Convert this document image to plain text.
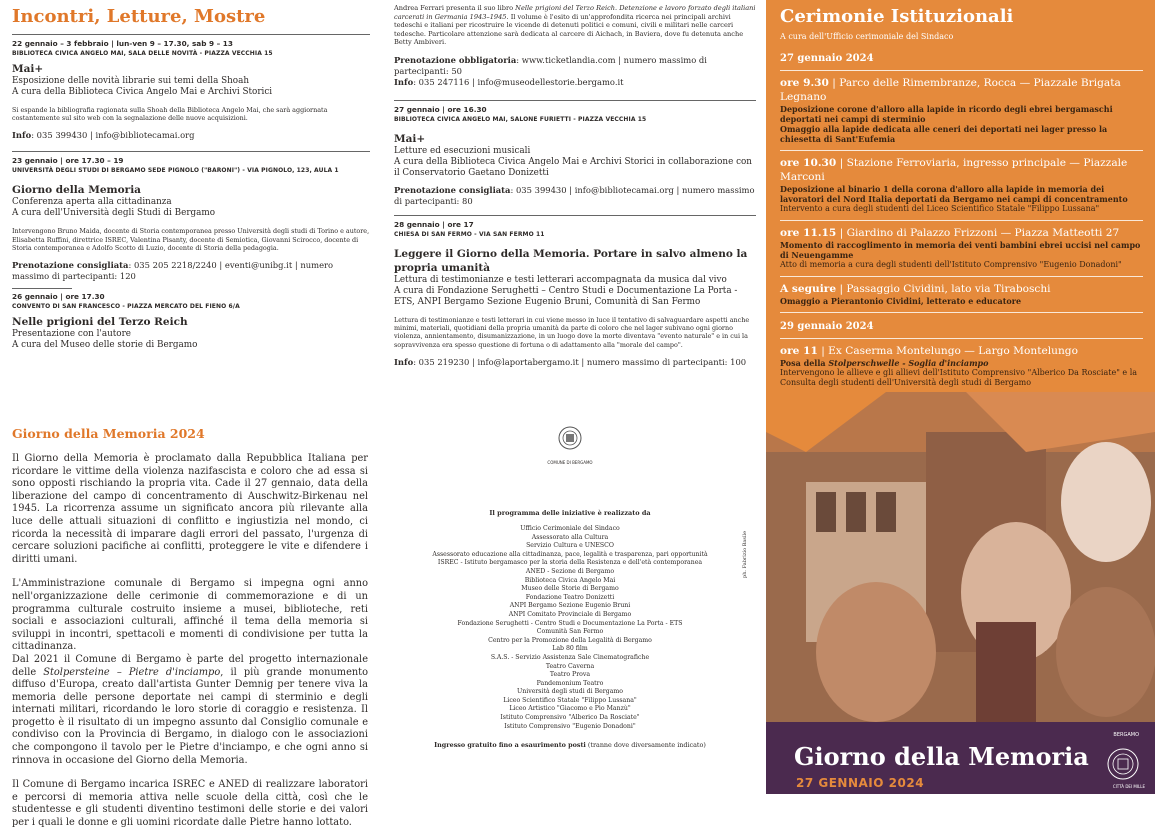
Incontri, Letture, Mostre
22 gennaio – 3 febbraio | lun-ven 9 – 17.30, sab 9 – 13
BIBLIOTECA CIVICA ANGELO MAI, SALA DELLE NOVITÀ - PIAZZA VECCHIA 15
Mai+
Esposizione delle novità librarie sui temi della Shoah
A cura della Biblioteca Civica Angelo Mai e Archivi Storici
Si espande la bibliografia ragionata sulla Shoah della Biblioteca Angelo Mai, che sarà aggiornata costantemente sul sito web con la segnalazione delle nuove acquisizioni.
Info: 035 399430 | info@bibliotecamai.org
23 gennaio | ore 17.30 – 19
UNIVERSITÀ DEGLI STUDI DI BERGAMO SEDE PIGNOLO ("BARONI") - VIA PIGNOLO, 123, AULA 1
Giorno della Memoria
Conferenza aperta alla cittadinanza
A cura dell'Università degli Studi di Bergamo
Intervengono Bruno Maida, docente di Storia contemporanea presso Università degli studi di Torino e autore, Elisabetta Ruffini, direttrice ISREC, Valentina Pisanty, docente di Semiotica, Giovanni Scirocco, docente di Storia contemporanea e Adolfo Scotto di Luzio, docente di Storia della pedagogia.
Prenotazione consigliata: 035 205 2218/2240 | eventi@unibg.it | numero massimo di partecipanti: 120
26 gennaio | ore 17.30
CONVENTO DI SAN FRANCESCO - PIAZZA MERCATO DEL FIENO 6/A
Nelle prigioni del Terzo Reich
Presentazione con l'autore
A cura del Museo delle storie di Bergamo
Giorno della Memoria 2024

Il Giorno della Memoria è proclamato dalla Repubblica Italiana per ricordare le vittime della violenza nazifascista e coloro che ad essa si sono opposti rischiando la propria vita. Cade il 27 gennaio, data della liberazione del campo di concentramento di Auschwitz-Birkenau nel 1945. La ricorrenza assume un significato ancora più rilevante alla luce delle attuali situazioni di conflitto e ingiustizia nel mondo, ci ricorda la necessità di imparare dagli errori del passato, l'urgenza di cercare soluzioni pacifiche ai conflitti, proteggere le vite e difendere i diritti umani.

L'Amministrazione comunale di Bergamo si impegna ogni anno nell'organizzazione delle cerimonie di commemorazione e di un programma culturale costruito insieme a musei, biblioteche, reti sociali e associazioni culturali, affinché il tema della memoria si sviluppi in incontri, spettacoli e momenti di condivisione per tutta la cittadinanza.

Dal 2021 il Comune di Bergamo è parte del progetto internazionale delle Stolpersteine – Pietre d'inciampo, il più grande monumento diffuso d'Europa, creato dall'artista Gunter Demnig per tenere viva la memoria delle persone deportate nei campi di sterminio e degli internati militari, ricordando le loro storie di coraggio e resistenza. Il progetto è il risultato di un impegno assunto dal Consiglio comunale e condiviso con la Provincia di Bergamo, in dialogo con le associazioni che compongono il tavolo per le Pietre d'inciampo, e che ogni anno si rinnova in occasione del Giorno della Memoria.

Il Comune di Bergamo incarica ISREC e ANED di realizzare laboratori e percorsi di memoria attiva nelle scuole della città, così che le studentesse e gli studenti diventino testimoni delle storie e dei valori per i quali le donne e gli uomini ricordate dalle Pietre hanno lottato.

Andrea Ferrari presenta il suo libro Nelle prigioni del Terzo Reich. Detenzione e lavoro forzato degli italiani carcerati in Germania 1943–1945. Il volume è l'esito di un'approfondita ricerca nei principali archivi tedeschi e italiani per ricostruire le vicende di detenuti politici e comuni, civili e militari nelle carceri tedesche. Particolare attenzione sarà dedicata al carcere di Aichach, in Baviera, dove fu detenuta anche Betty Ambiveri.
Prenotazione obbligatoria: www.ticketlandia.com | numero massimo di partecipanti: 50
Info: 035 247116 | info@museodellestorie.bergamo.it
27 gennaio | ore 16.30
BIBLIOTECA CIVICA ANGELO MAI, SALONE FURIETTI - PIAZZA VECCHIA 15
Mai+
Letture ed esecuzioni musicali
A cura della Biblioteca Civica Angelo Mai e Archivi Storici in collaborazione con il Conservatorio Gaetano Donizetti
Prenotazione consigliata: 035 399430 | info@bibliotecamai.org | numero massimo di partecipanti: 80
28 gennaio | ore 17
CHIESA DI SAN FERMO - VIA SAN FERMO 11
Leggere il Giorno della Memoria. Portare in salvo almeno la propria umanità
Lettura di testimonianze e testi letterari accompagnata da musica dal vivo
A cura di Fondazione Serughetti – Centro Studi e Documentazione La Porta - ETS, ANPI Bergamo Sezione Eugenio Bruni, Comunità di San Fermo
Lettura di testimonianze e testi letterari in cui viene messo in luce il tentativo di salvaguardare aspetti anche minimi, materiali, quotidiani della propria umanità da parte di coloro che nel lager subivano ogni giorno violenza, annientamento, disumanizzazione, in un luogo dove la morte diventava "evento naturale" e in cui la sopravvivenza era spesso questione di fortuna o di adattamento alla "morale del campo".
Info: 035 219230 | info@laportabergamo.it | numero massimo di partecipanti: 100
COMUNE DI BERGAMO
Il programma delle iniziative è realizzato da
Ufficio Cerimoniale del Sindaco
Assessorato alla Cultura
Servizio Cultura e UNESCO
Assessorato educazione alla cittadinanza, pace, legalità e trasparenza, pari opportunità
ISREC - Istituto bergamasco per la storia della Resistenza e dell'età contemporanea
ANED - Sezione di Bergamo
Biblioteca Civica Angelo Mai
Museo delle Storie di Bergamo
Fondazione Teatro Donizetti
ANPI Bergamo Sezione Eugenio Bruni
ANPI Comitato Provinciale di Bergamo
Fondazione Serughetti - Centro Studi e Documentazione La Porta - ETS
Comunità San Fermo
Centro per la Promozione della Legalità di Bergamo
Lab 80 film
S.A.S. - Servizio Assistenza Sale Cinematografiche
Teatro Caverna
Teatro Prova
Pandemonium Teatro
Università degli studi di Bergamo
Liceo Scientifico Statale "Filippo Lussana"
Liceo Artistico "Giacomo e Pio Manzù"
Istituto Comprensivo "Alberico Da Rosciate"
Istituto Comprensivo "Eugenio Donadoni"
Ingresso gratuito fino a esaurimento posti (tranne dove diversamente indicato)
ph. Fabrizio Basile
Cerimonie Istituzionali
A cura dell'Ufficio cerimoniale del Sindaco
27 gennaio 2024
ore 9.30 | Parco delle Rimembranze, Rocca — Piazzale Brigata Legnano
Deposizione corone d'alloro alla lapide in ricordo degli ebrei bergamaschi deportati nei campi di sterminio
Omaggio alla lapide dedicata alle ceneri dei deportati nei lager presso la chiesetta di Sant'Eufemia
ore 10.30 | Stazione Ferroviaria, ingresso principale — Piazzale Marconi
Deposizione al binario 1 della corona d'alloro alla lapide in memoria dei lavoratori del Nord Italia deportati da Bergamo nei campi di concentramento
Intervento a cura degli studenti del Liceo Scientifico Statale "Filippo Lussana"
ore 11.15 | Giardino di Palazzo Frizzoni — Piazza Matteotti 27
Momento di raccoglimento in memoria dei venti bambini ebrei uccisi nel campo di Neuengamme
Atto di memoria a cura degli studenti dell'Istituto Comprensivo "Eugenio Donadoni"
A seguire | Passaggio Cividini, lato via Tiraboschi
Omaggio a Pierantonio Cividini, letterato e educatore
29 gennaio 2024
ore 11 | Ex Caserma Montelungo — Largo Montelungo
Posa della Stolperschwelle - Soglia d'inciampo
Intervengono le allieve e gli allievi dell'Istituto Comprensivo "Alberico Da Rosciate" e la Consulta degli studenti dell'Università degli studi di Bergamo
Giorno della Memoria
27 GENNAIO 2024
BERGAMO
CITTÀ DEI MILLE
